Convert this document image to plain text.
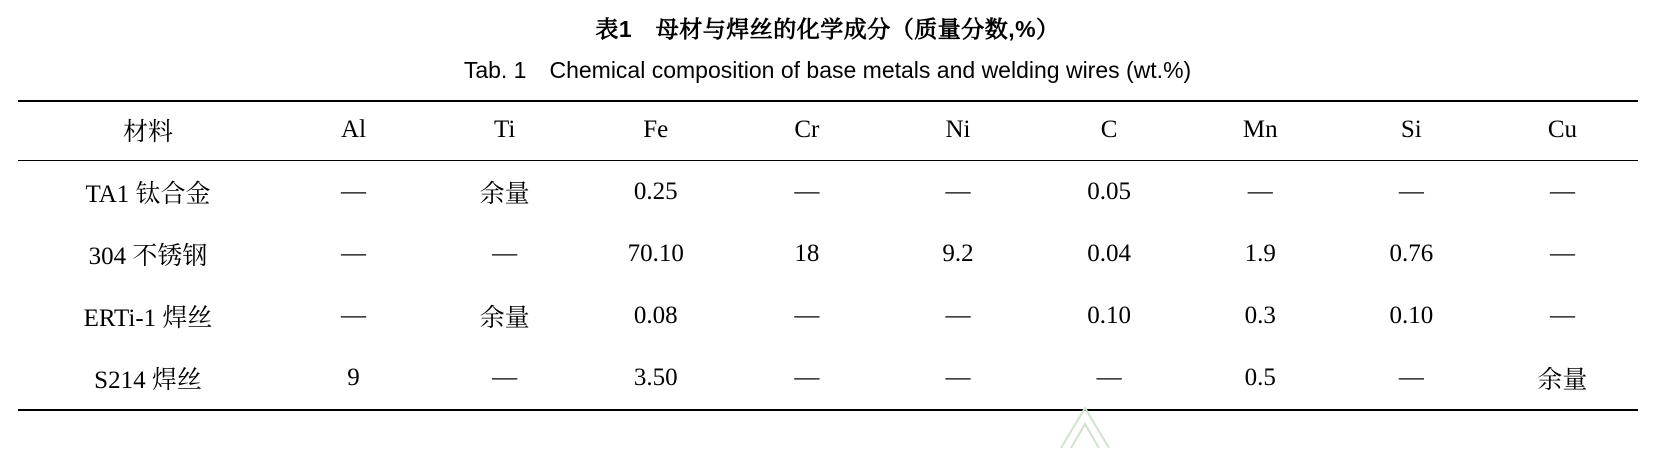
表1　母材与焊丝的化学成分（质量分数,%）
Tab. 1　Chemical composition of base metals and welding wires (wt.%)
材料	Al	Ti	Fe	Cr	Ni	C	Mn	Si	Cu
TA1 钛合金	—	余量	0.25	—	—	0.05	—	—	—
304 不锈钢	—	—	70.10	18	9.2	0.04	1.9	0.76	—
ERTi-1 焊丝	—	余量	0.08	—	—	0.10	0.3	0.10	—
S214 焊丝	9	—	3.50	—	—	—	0.5	—	余量
